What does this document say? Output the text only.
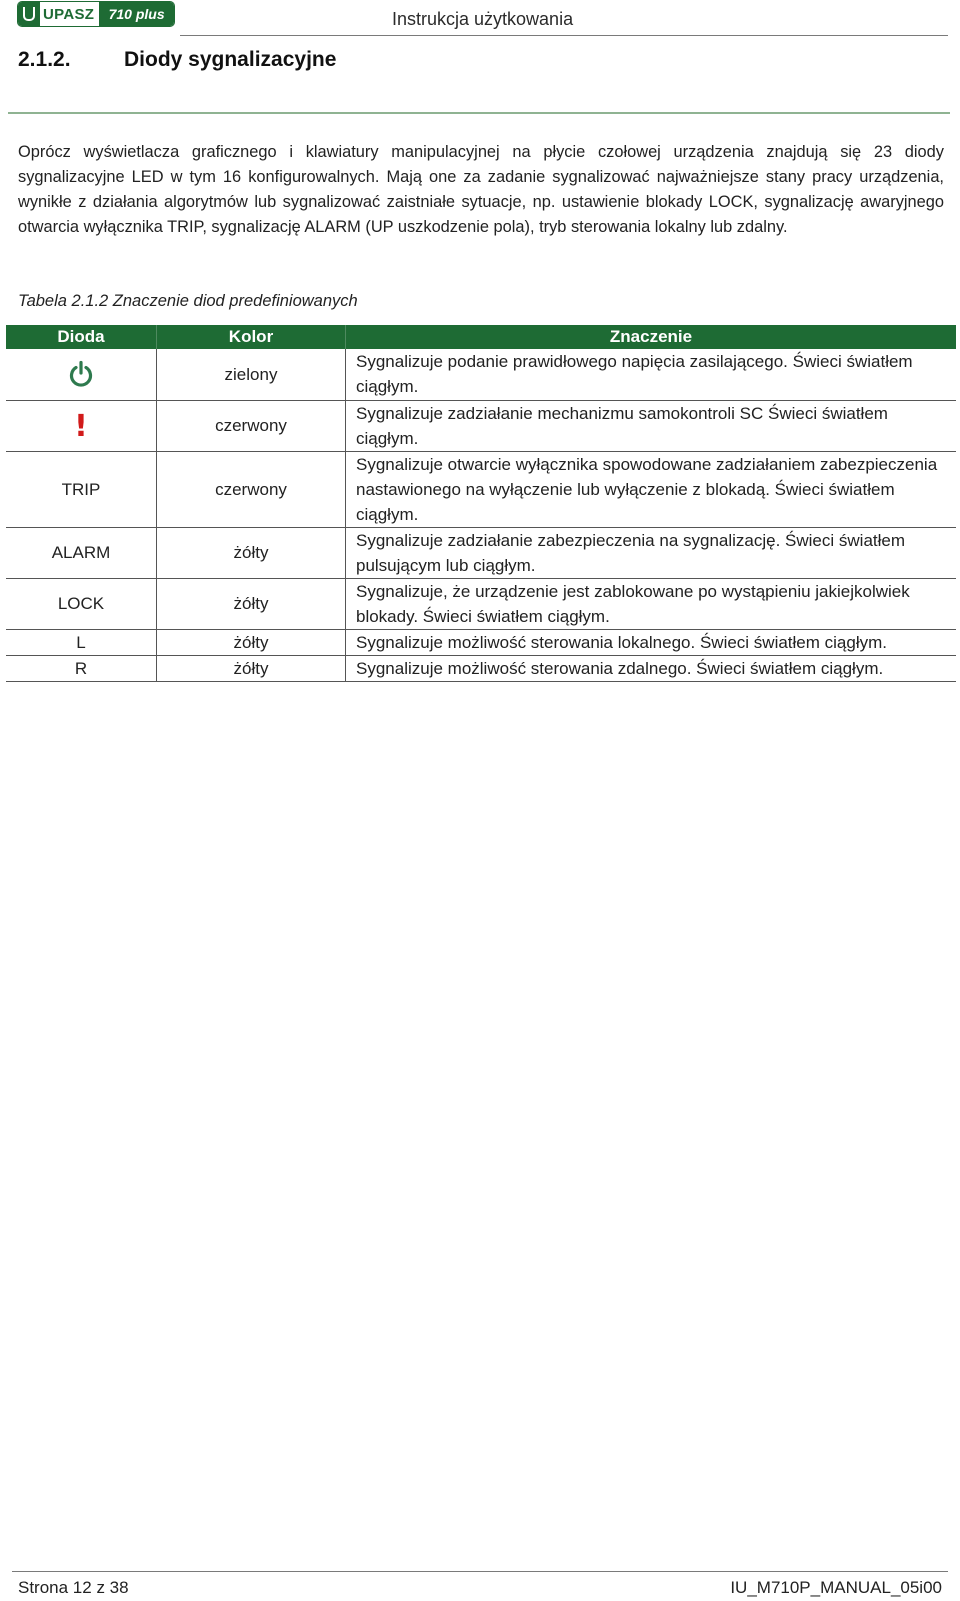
UPASZ	710 plus	Instrukcja użytkowania
2.1.2.	Diody sygnalizacyjne
Oprócz wyświetlacza graficznego i klawiatury manipulacyjnej na płycie czołowej urządzenia znajdują się 23 diody sygnalizacyjne LED w tym 16 konfigurowalnych. Mają one za zadanie sygnalizować najważniejsze stany pracy urządzenia, wynikłe z działania algorytmów lub sygnalizować zaistniałe sytuacje, np. ustawienie blokady LOCK, sygnalizację awaryjnego otwarcia wyłącznika TRIP, sygnalizację ALARM (UP uszkodzenie pola), tryb sterowania lokalny lub zdalny.
Tabela 2.1.2 Znaczenie diod predefiniowanych
Dioda	Kolor	Znaczenie
	zielony	Sygnalizuje podanie prawidłowego napięcia zasilającego. Świeci światłem ciągłym.
!	czerwony	Sygnalizuje zadziałanie mechanizmu samokontroli SC Świeci światłem ciągłym.
TRIP	czerwony	Sygnalizuje otwarcie wyłącznika spowodowane zadziałaniem zabezpieczenia nastawionego na wyłączenie lub wyłączenie z blokadą. Świeci światłem ciągłym.
ALARM	żółty	Sygnalizuje zadziałanie zabezpieczenia na sygnalizację. Świeci światłem pulsującym lub ciągłym.
LOCK	żółty	Sygnalizuje, że urządzenie jest zablokowane po wystąpieniu jakiejkolwiek blokady. Świeci światłem ciągłym.
L	żółty	Sygnalizuje możliwość sterowania lokalnego. Świeci światłem ciągłym.
R	żółty	Sygnalizuje możliwość sterowania zdalnego. Świeci światłem ciągłym.
Strona 12 z 38	IU_M710P_MANUAL_05i00
